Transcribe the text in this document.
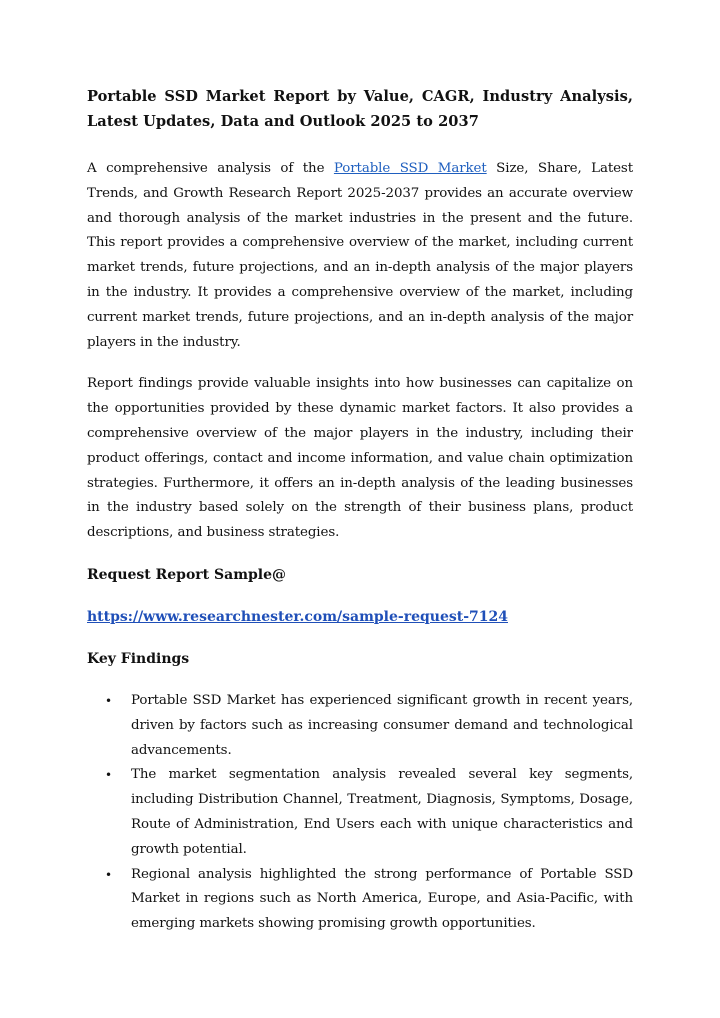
Portable SSD Market Report by Value, CAGR, Industry Analysis, Latest Updates, Data and Outlook 2025 to 2037

A comprehensive analysis of the Portable SSD Market Size, Share, Latest Trends, and Growth Research Report 2025-2037 provides an accurate overview and thorough analysis of the market industries in the present and the future. This report provides a comprehensive overview of the market, including current market trends, future projections, and an in-depth analysis of the major players in the industry. It provides a comprehensive overview of the market, including current market trends, future projections, and an in-depth analysis of the major players in the industry.

Report findings provide valuable insights into how businesses can capitalize on the opportunities provided by these dynamic market factors. It also provides a comprehensive overview of the major players in the industry, including their product offerings, contact and income information, and value chain optimization strategies. Furthermore, it offers an in-depth analysis of the leading businesses in the industry based solely on the strength of their business plans, product descriptions, and business strategies.

Request Report Sample@
https://www.researchnester.com/sample-request-7124
Key Findings
• Portable SSD Market has experienced significant growth in recent years, driven by factors such as increasing consumer demand and technological advancements.
• The market segmentation analysis revealed several key segments, including Distribution Channel, Treatment, Diagnosis, Symptoms, Dosage, Route of Administration, End Users each with unique characteristics and growth potential.
• Regional analysis highlighted the strong performance of Portable SSD Market in regions such as North America, Europe, and Asia-Pacific, with emerging markets showing promising growth opportunities.
